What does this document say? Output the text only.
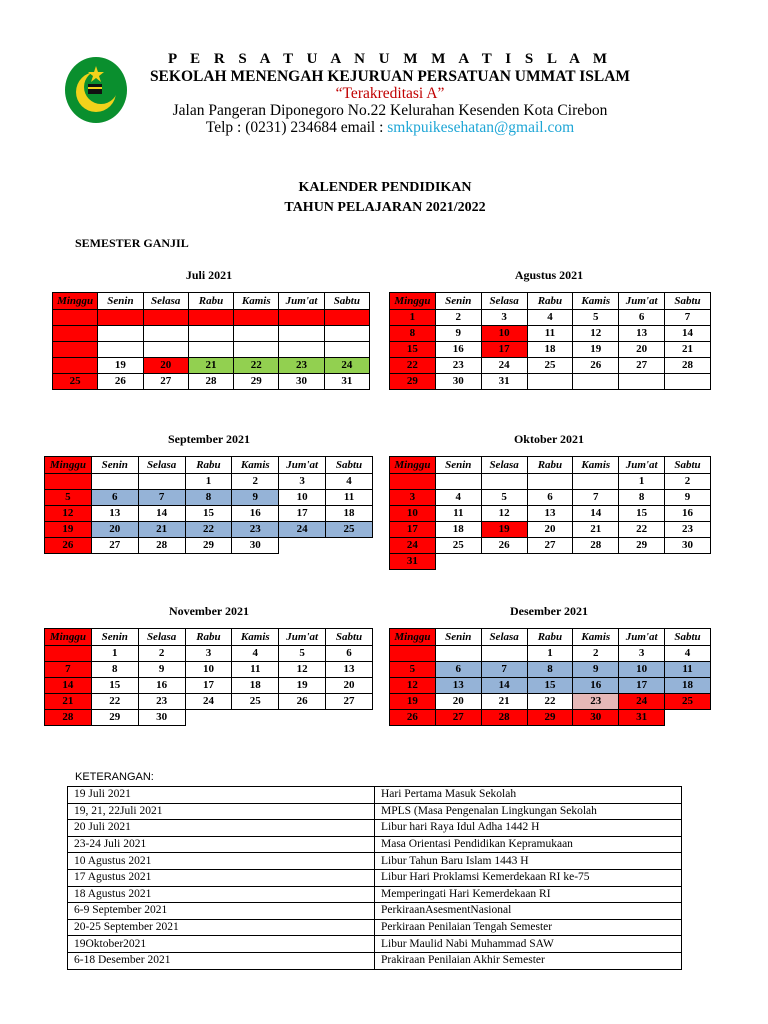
P E R S A T U A N U M M A T I S L A M
SEKOLAH MENENGAH KEJURUAN PERSATUAN UMMAT ISLAM
“Terakreditasi A”
Jalan Pangeran Diponegoro No.22 Kelurahan Kesenden Kota Cirebon
Telp : (0231) 234684 email : smkpuikesehatan@gmail.com
KALENDER PENDIDIKAN
TAHUN PELAJARAN 2021/2022
SEMESTER GANJIL
Juli 2021
Minggu	Senin	Selasa	Rabu	Kamis	Jum'at	Sabtu

	19	20	21	22	23	24
25	26	27	28	29	30	31
Agustus 2021
Minggu	Senin	Selasa	Rabu	Kamis	Jum'at	Sabtu
1	2	3	4	5	6	7
8	9	10	11	12	13	14
15	16	17	18	19	20	21
22	23	24	25	26	27	28
29	30	31				
September 2021
Minggu	Senin	Selasa	Rabu	Kamis	Jum'at	Sabtu
			1	2	3	4
5	6	7	8	9	10	11
12	13	14	15	16	17	18
19	20	21	22	23	24	25
26	27	28	29	30		
Oktober 2021
Minggu	Senin	Selasa	Rabu	Kamis	Jum'at	Sabtu
					1	2
3	4	5	6	7	8	9
10	11	12	13	14	15	16
17	18	19	20	21	22	23
24	25	26	27	28	29	30
31						
November 2021
Minggu	Senin	Selasa	Rabu	Kamis	Jum'at	Sabtu
	1	2	3	4	5	6
7	8	9	10	11	12	13
14	15	16	17	18	19	20
21	22	23	24	25	26	27
28	29	30				
Desember 2021
Minggu	Senin	Selasa	Rabu	Kamis	Jum'at	Sabtu
			1	2	3	4
5	6	7	8	9	10	11
12	13	14	15	16	17	18
19	20	21	22	23	24	25
26	27	28	29	30	31	
KETERANGAN:
19 Juli 2021	Hari Pertama Masuk Sekolah
19, 21, 22Juli 2021	MPLS (Masa Pengenalan Lingkungan Sekolah
20 Juli 2021	Libur hari Raya Idul Adha 1442 H
23-24 Juli 2021	Masa Orientasi Pendidikan Kepramukaan
10 Agustus 2021	Libur Tahun Baru Islam 1443 H
17 Agustus 2021	Libur Hari Proklamsi Kemerdekaan RI ke-75
18 Agustus 2021	Memperingati Hari Kemerdekaan RI
6-9 September 2021	PerkiraanAsesmentNasional
20-25 September 2021	Perkiraan Penilaian Tengah Semester
19Oktober2021	Libur Maulid Nabi Muhammad SAW
6-18 Desember 2021	Prakiraan Penilaian Akhir Semester
